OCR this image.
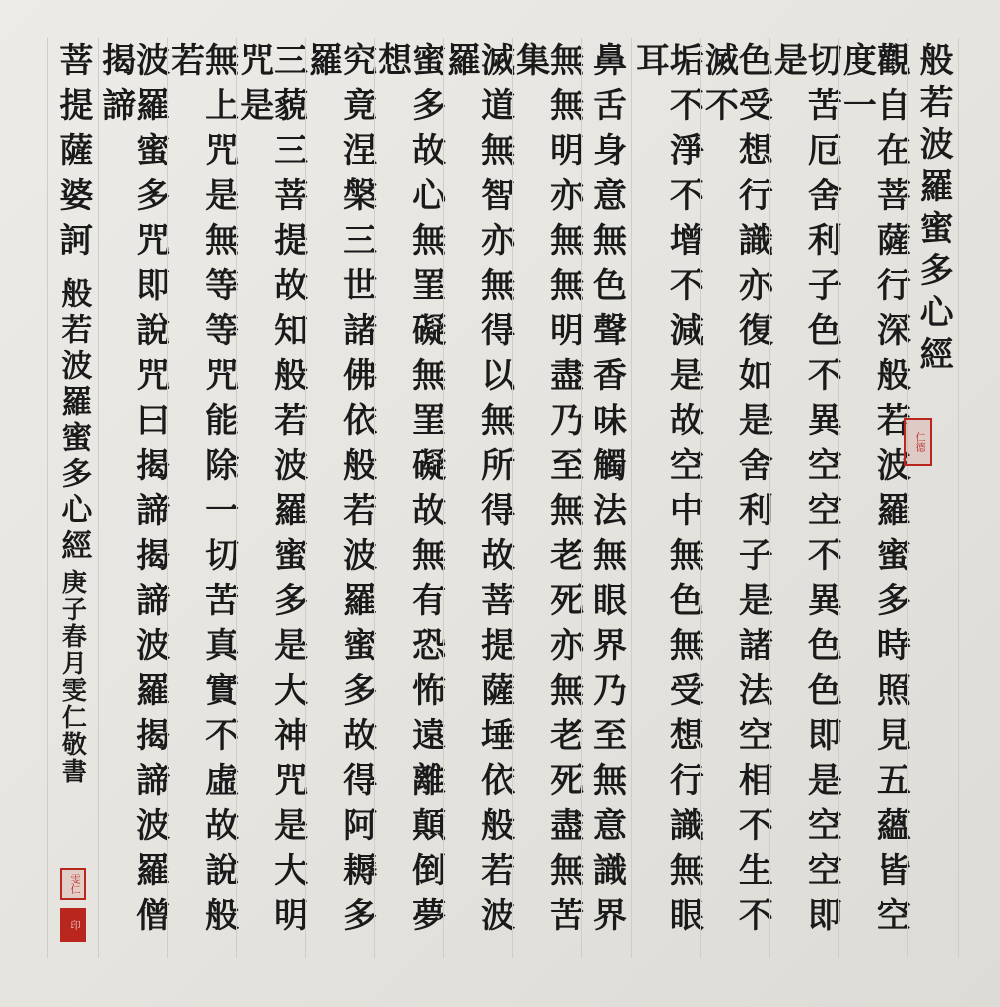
般若波羅蜜多心經
觀自在菩薩行深般若波羅蜜多時照見五蘊皆空度一
切苦厄舍利子色不異空空不異色色即是空空即是
色受想行識亦復如是舍利子是諸法空相不生不滅不
垢不淨不增不減是故空中無色無受想行識無眼耳
鼻舌身意無色聲香味觸法無眼界乃至無意識界
無無明亦無無明盡乃至無老死亦無老死盡無苦集
滅道無智亦無得以無所得故菩提薩埵依般若波羅
蜜多故心無罣礙無罣礙故無有恐怖遠離顛倒夢想
究竟涅槃三世諸佛依般若波羅蜜多故得阿耨多羅
三藐三菩提故知般若波羅蜜多是大神咒是大明咒是
無上咒是無等等咒能除一切苦真實不虛故說般若
波羅蜜多咒即說咒曰揭諦揭諦波羅揭諦波羅僧揭諦
菩提薩婆訶
般若波羅蜜多心經
庚子春月雯仁敬書
仁德
雯仁
印
